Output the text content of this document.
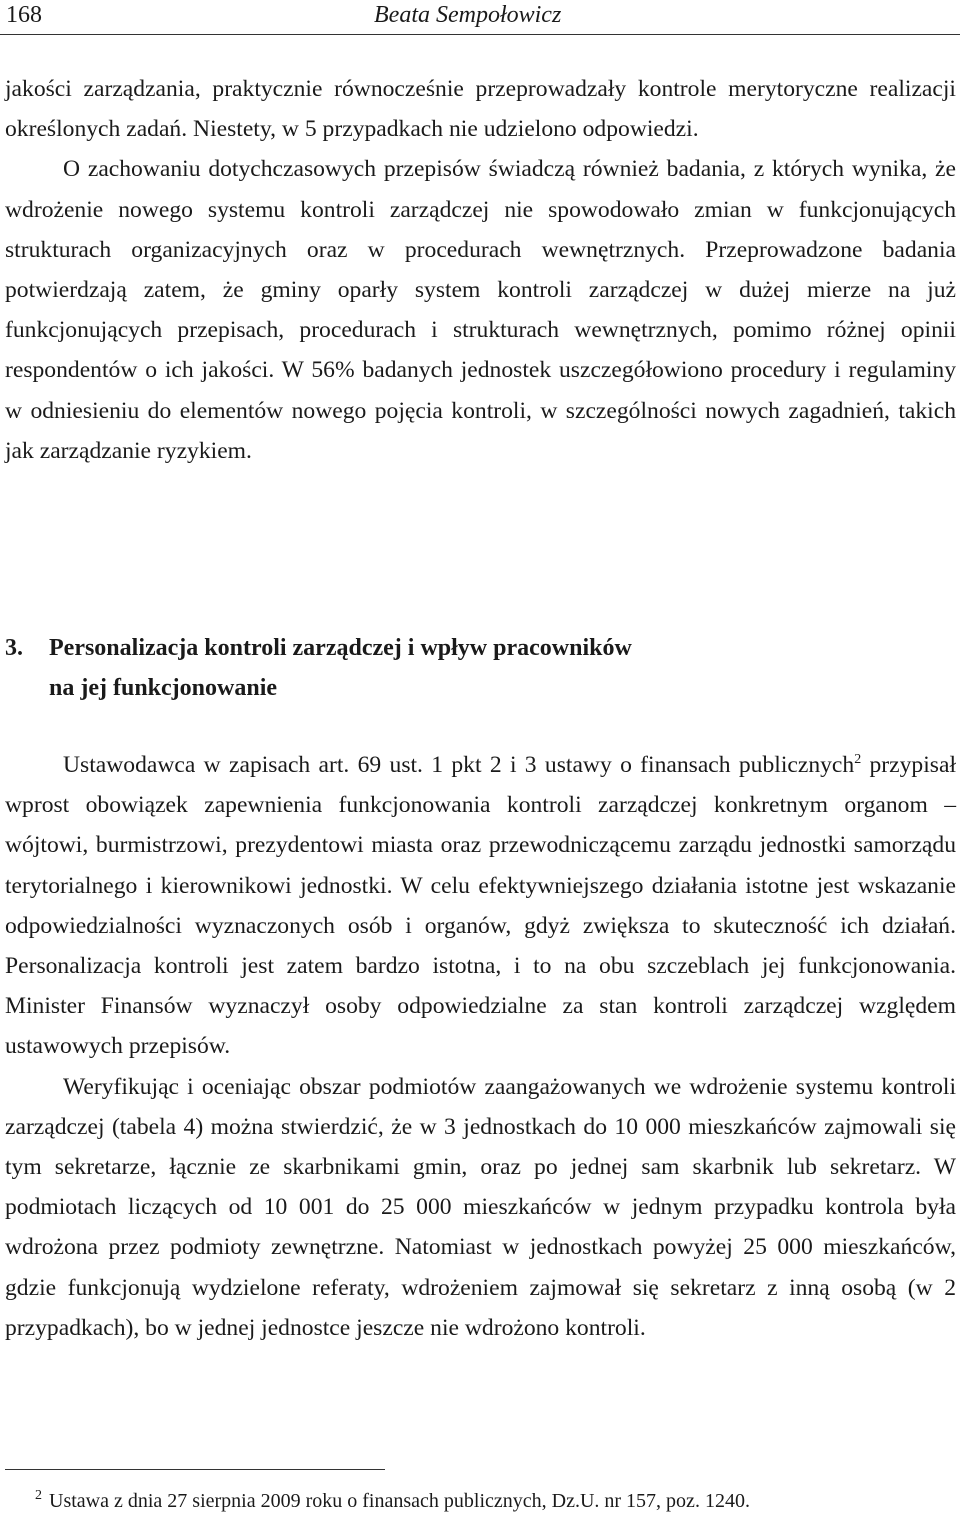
168	Beata Sempołowicz

jakości zarządzania, praktycznie równocześnie przeprowadzały kontrole merytoryczne realizacji określonych zadań. Niestety, w 5 przypadkach nie udzielono odpowiedzi.

O zachowaniu dotychczasowych przepisów świadczą również badania, z których wynika, że wdrożenie nowego systemu kontroli zarządczej nie spowodowało zmian w funkcjonujących strukturach organizacyjnych oraz w procedurach wewnętrznych. Przeprowadzone badania potwierdzają zatem, że gminy oparły system kontroli zarządczej w dużej mierze na już funkcjonujących przepisach, procedurach i strukturach wewnętrznych, pomimo różnej opinii respondentów o ich jakości. W 56% badanych jednostek uszczegółowiono procedury i regulaminy w odniesieniu do elementów nowego pojęcia kontroli, w szczególności nowych zagadnień, takich jak zarządzanie ryzykiem.

3. Personalizacja kontroli zarządczej i wpływ pracowników
na jej funkcjonowanie

Ustawodawca w zapisach art. 69 ust. 1 pkt 2 i 3 ustawy o finansach publicznych$^2$ przypisał wprost obowiązek zapewnienia funkcjonowania kontroli zarządczej konkretnym organom – wójtowi, burmistrzowi, prezydentowi miasta oraz przewodniczącemu zarządu jednostki samorządu terytorialnego i kierownikowi jednostki. W celu efektywniejszego działania istotne jest wskazanie odpowiedzialności wyznaczonych osób i organów, gdyż zwiększa to skuteczność ich działań. Personalizacja kontroli jest zatem bardzo istotna, i to na obu szczeblach jej funkcjonowania. Minister Finansów wyznaczył osoby odpowiedzialne za stan kontroli zarządczej względem ustawowych przepisów.

Weryfikując i oceniając obszar podmiotów zaangażowanych we wdrożenie systemu kontroli zarządczej (tabela 4) można stwierdzić, że w 3 jednostkach do 10 000 mieszkańców zajmowali się tym sekretarze, łącznie ze skarbnikami gmin, oraz po jednej sam skarbnik lub sekretarz. W podmiotach liczących od 10 001 do 25 000 mieszkańców w jednym przypadku kontrola była wdrożona przez podmioty zewnętrzne. Natomiast w jednostkach powyżej 25 000 mieszkańców, gdzie funkcjonują wydzielone referaty, wdrożeniem zajmował się sekretarz z inną osobą (w 2 przypadkach), bo w jednej jednostce jeszcze nie wdrożono kontroli.

2 Ustawa z dnia 27 sierpnia 2009 roku o finansach publicznych, Dz.U. nr 157, poz. 1240.
